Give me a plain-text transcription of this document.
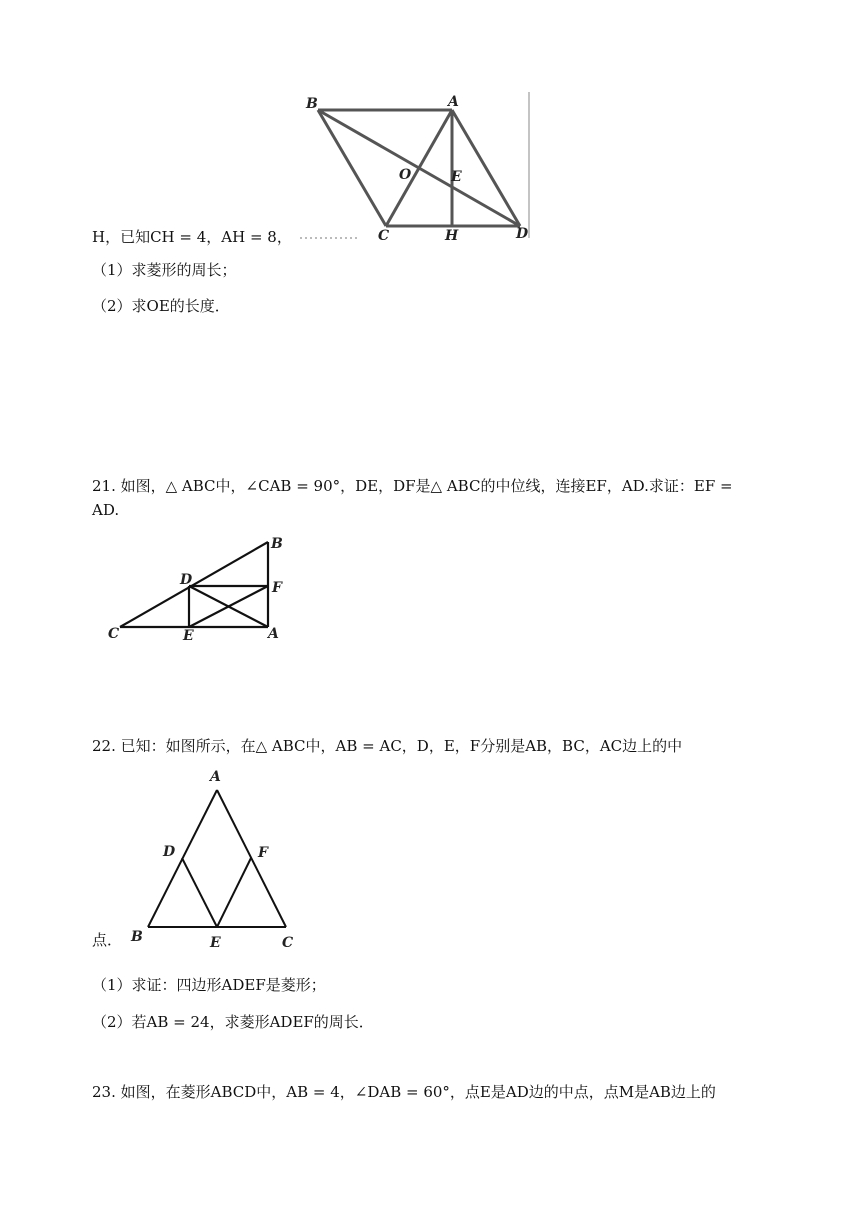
B	A
O	E
C	H	D
H，已知CH = 4，AH = 8，
（1）求菱形的周长；
（2）求OE的长度．
21. 如图，△ ABC中，∠CAB = 90°，DE，DF是△ ABC的中位线，连接EF，AD.求证：EF =
AD.
B
D	F
C	E	A
22. 已知：如图所示，在△ ABC中，AB = AC，D，E，F分别是AB，BC，AC边上的中
A
D	F
B	E	C
点．
（1）求证：四边形ADEF是菱形；
（2）若AB = 24，求菱形ADEF的周长．
23. 如图，在菱形ABCD中，AB = 4，∠DAB = 60°，点E是AD边的中点，点M是AB边上的
